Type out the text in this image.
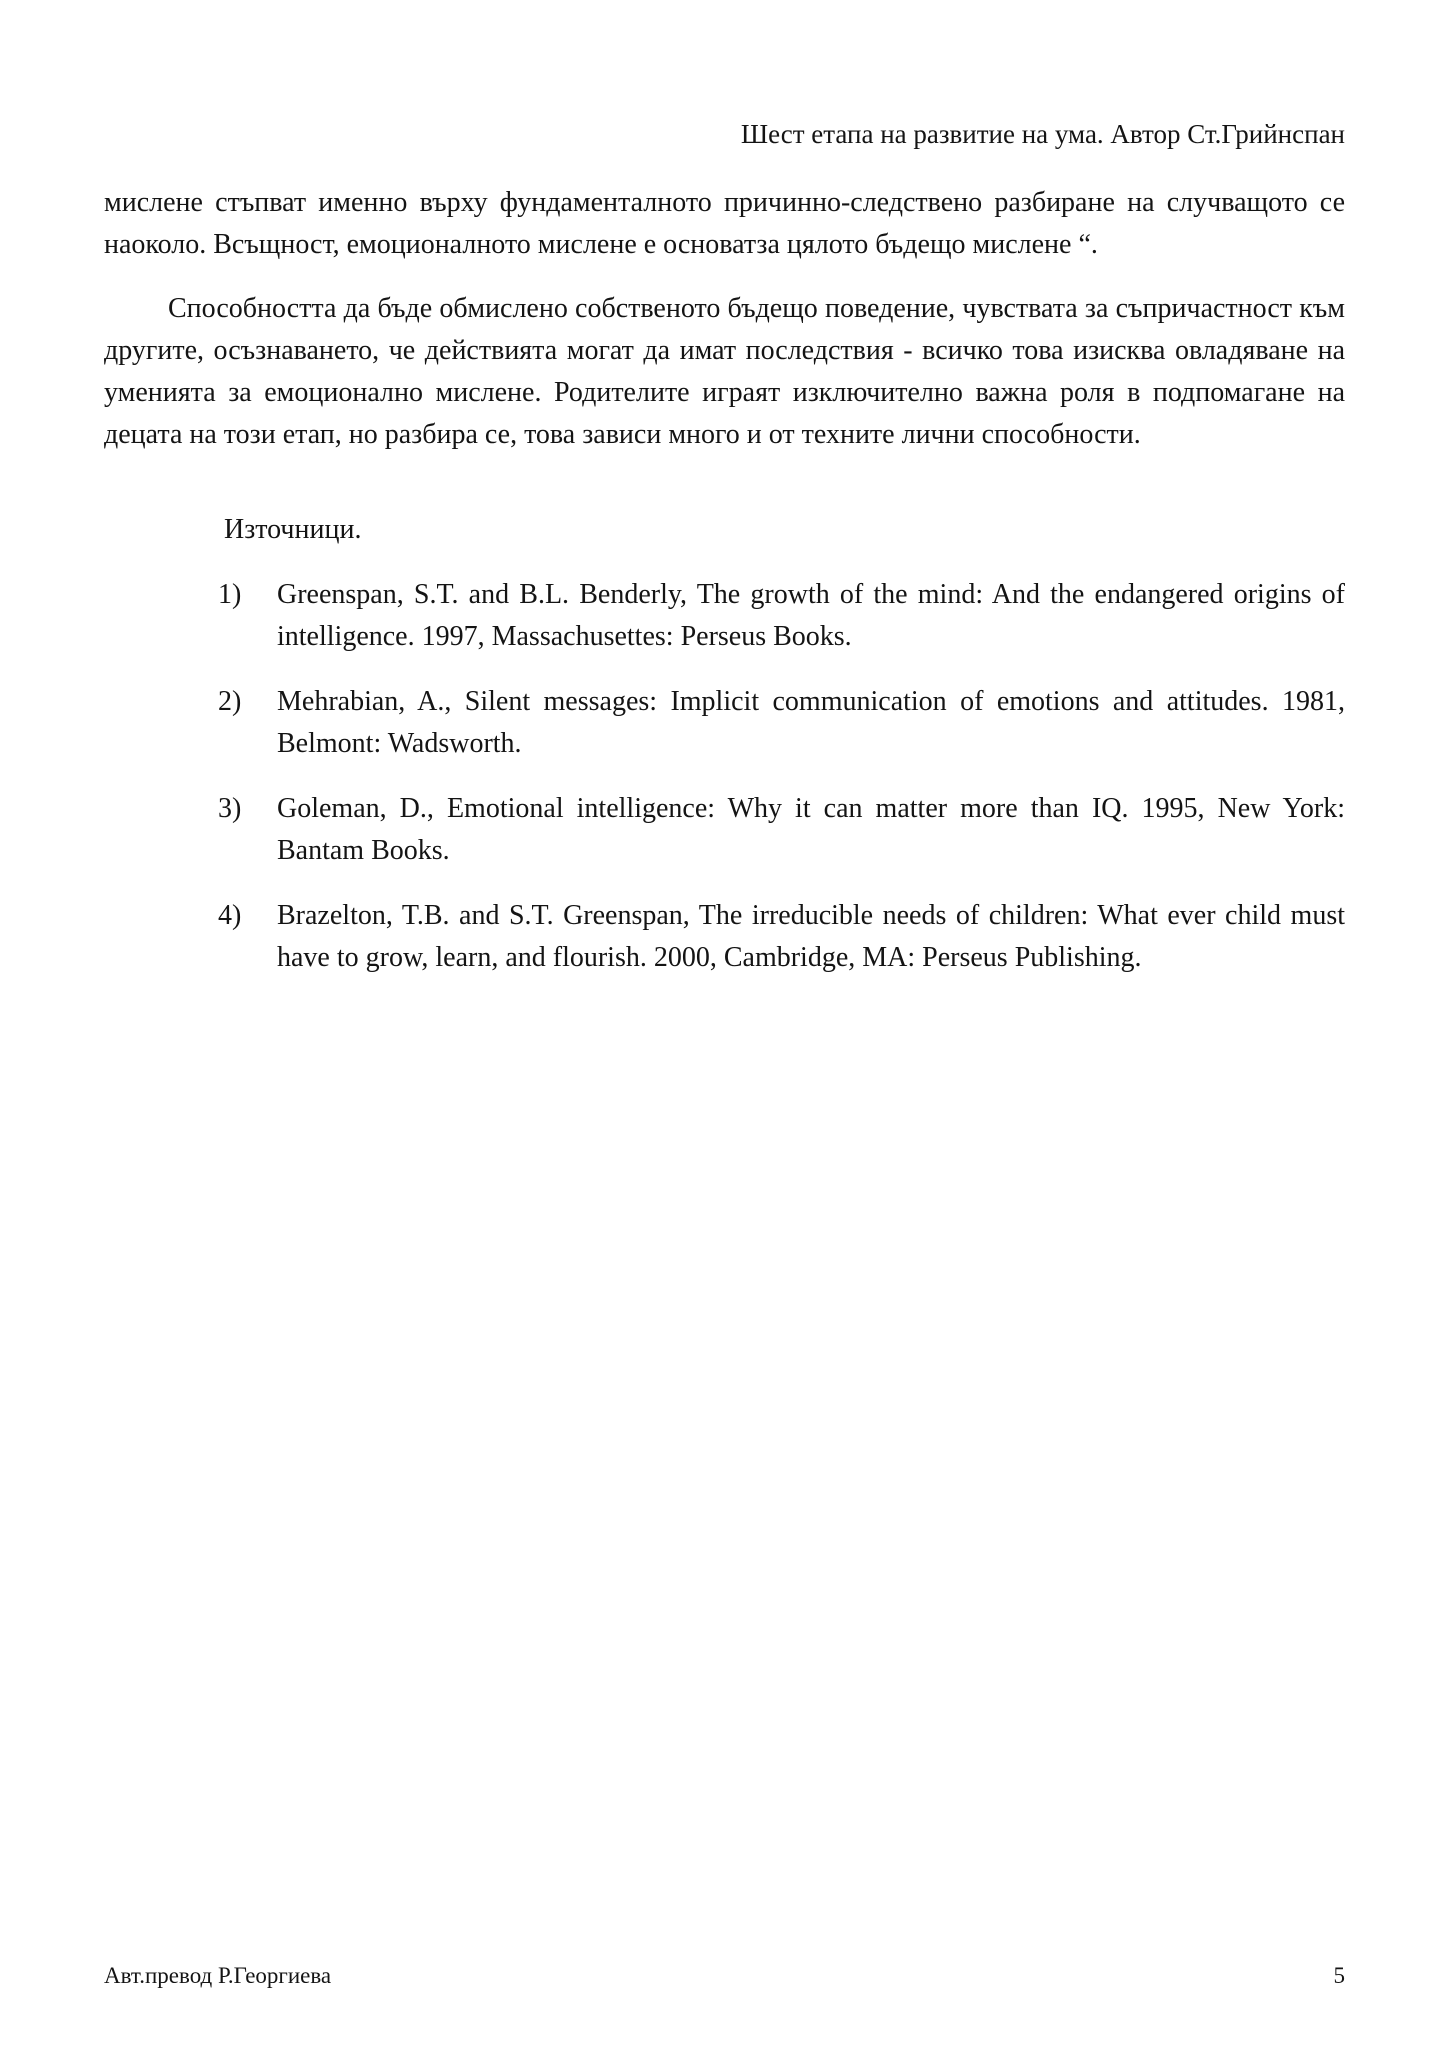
Шест етапа на развитие на ума. Автор Ст.Грийнспан

мислене стъпват именно върху фундаменталното причинно-следствено разбиране на случващото се наоколо. Всъщност, емоционалното мислене е основатза цялото бъдещо мислене “.

Способността да бъде обмислено собственото бъдещо поведение, чувствата за съпричастност към другите, осъзнаването, че действията могат да имат последствия - всичко това изисква овладяване на уменията за емоционално мислене. Родителите играят изключително важна роля в подпомагане на децата на този етап, но разбира се, това зависи много и от техните лични способности.

Източници.
1) Greenspan, S.T. and B.L. Benderly, The growth of the mind: And the endangered origins of intelligence. 1997, Massachusettes: Perseus Books.
2) Mehrabian, A., Silent messages: Implicit communication of emotions and attitudes. 1981, Belmont: Wadsworth.
3) Goleman, D., Emotional intelligence: Why it can matter more than IQ. 1995, New York: Bantam Books.
4) Brazelton, T.B. and S.T. Greenspan, The irreducible needs of children: What ever child must have to grow, learn, and flourish. 2000, Cambridge, MA: Perseus Publishing.
Авт.превод Р.Георгиева	5
